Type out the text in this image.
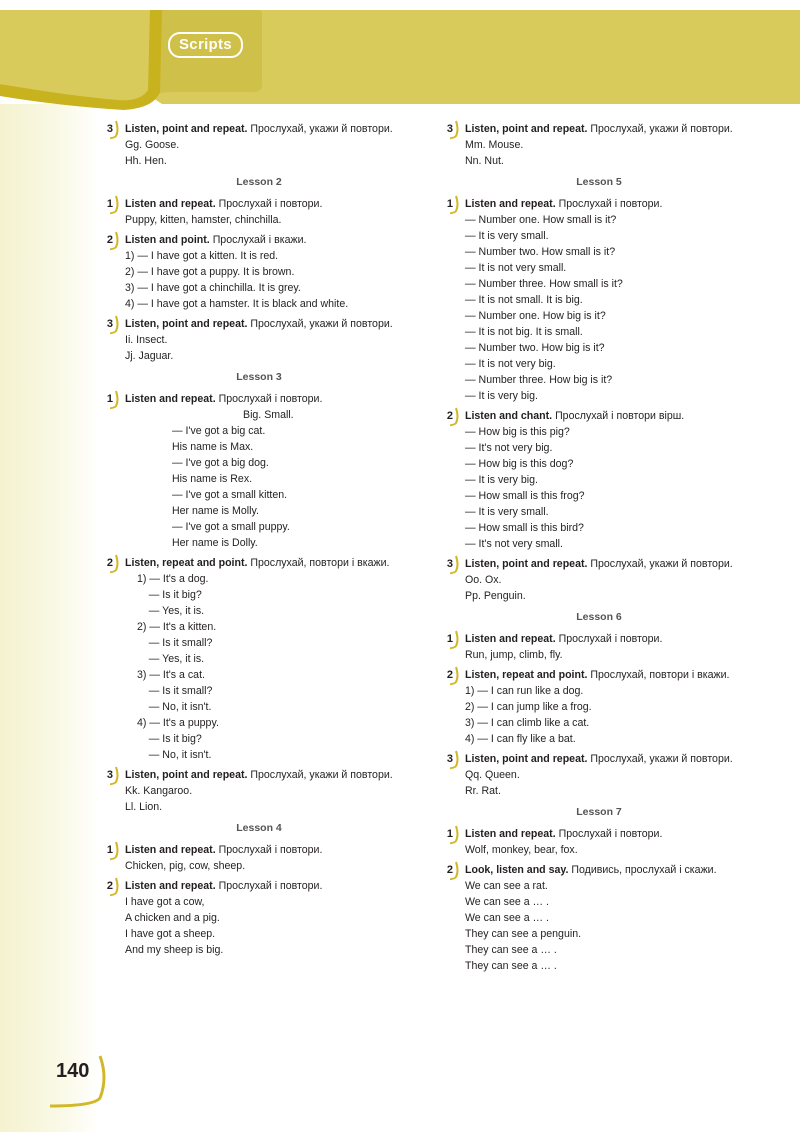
Scripts
3	Listen, point and repeat. Прослухай, укажи й повтори.
Gg. Goose.
Hh. Hen.
Lesson 2
1	Listen and repeat. Прослухай і повтори.
Puppy, kitten, hamster, chinchilla.
2	Listen and point. Прослухай і вкажи.
1) — I have got a kitten. It is red.
2) — I have got a puppy. It is brown.
3) — I have got a chinchilla. It is grey.
4) — I have got a hamster. It is black and white.
3	Listen, point and repeat. Прослухай, укажи й повтори.
Ii. Insect.
Jj. Jaguar.
Lesson 3
1	Listen and repeat. Прослухай і повтори.
Big. Small.
— I've got a big cat.
His name is Max.
— I've got a big dog.
His name is Rex.
— I've got a small kitten.
Her name is Molly.
— I've got a small puppy.
Her name is Dolly.
2	Listen, repeat and point. Прослухай, повтори і вкажи.
1) — It's a dog.
— Is it big?
— Yes, it is.
2) — It's a kitten.
— Is it small?
— Yes, it is.
3) — It's a cat.
— Is it small?
— No, it isn't.
4) — It's a puppy.
— Is it big?
— No, it isn't.
3	Listen, point and repeat. Прослухай, укажи й повтори.
Kk. Kangaroo.
Ll. Lion.
Lesson 4
1	Listen and repeat. Прослухай і повтори.
Chicken, pig, cow, sheep.
2	Listen and repeat. Прослухай і повтори.
I have got a cow,
A chicken and a pig.
I have got a sheep.
And my sheep is big.
3	Listen, point and repeat. Прослухай, укажи й повтори.
Mm. Mouse.
Nn. Nut.
Lesson 5
1	Listen and repeat. Прослухай і повтори.
— Number one. How small is it?
— It is very small.
— Number two. How small is it?
— It is not very small.
— Number three. How small is it?
— It is not small. It is big.
— Number one. How big is it?
— It is not big. It is small.
— Number two. How big is it?
— It is not very big.
— Number three. How big is it?
— It is very big.
2	Listen and chant. Прослухай і повтори вірш.
— How big is this pig?
— It's not very big.
— How big is this dog?
— It is very big.
— How small is this frog?
— It is very small.
— How small is this bird?
— It's not very small.
3	Listen, point and repeat. Прослухай, укажи й повтори.
Oo. Ox.
Pp. Penguin.
Lesson 6
1	Listen and repeat. Прослухай і повтори.
Run, jump, climb, fly.
2	Listen, repeat and point. Прослухай, повтори і вкажи.
1) — I can run like a dog.
2) — I can jump like a frog.
3) — I can climb like a cat.
4) — I can fly like a bat.
3	Listen, point and repeat. Прослухай, укажи й повтори.
Qq. Queen.
Rr. Rat.
Lesson 7
1	Listen and repeat. Прослухай і повтори.
Wolf, monkey, bear, fox.
2	Look, listen and say. Подивись, прослухай і скажи.
We can see a rat.
We can see a … .
We can see a … .
They can see a penguin.
They can see a … .
They can see a … .
140
